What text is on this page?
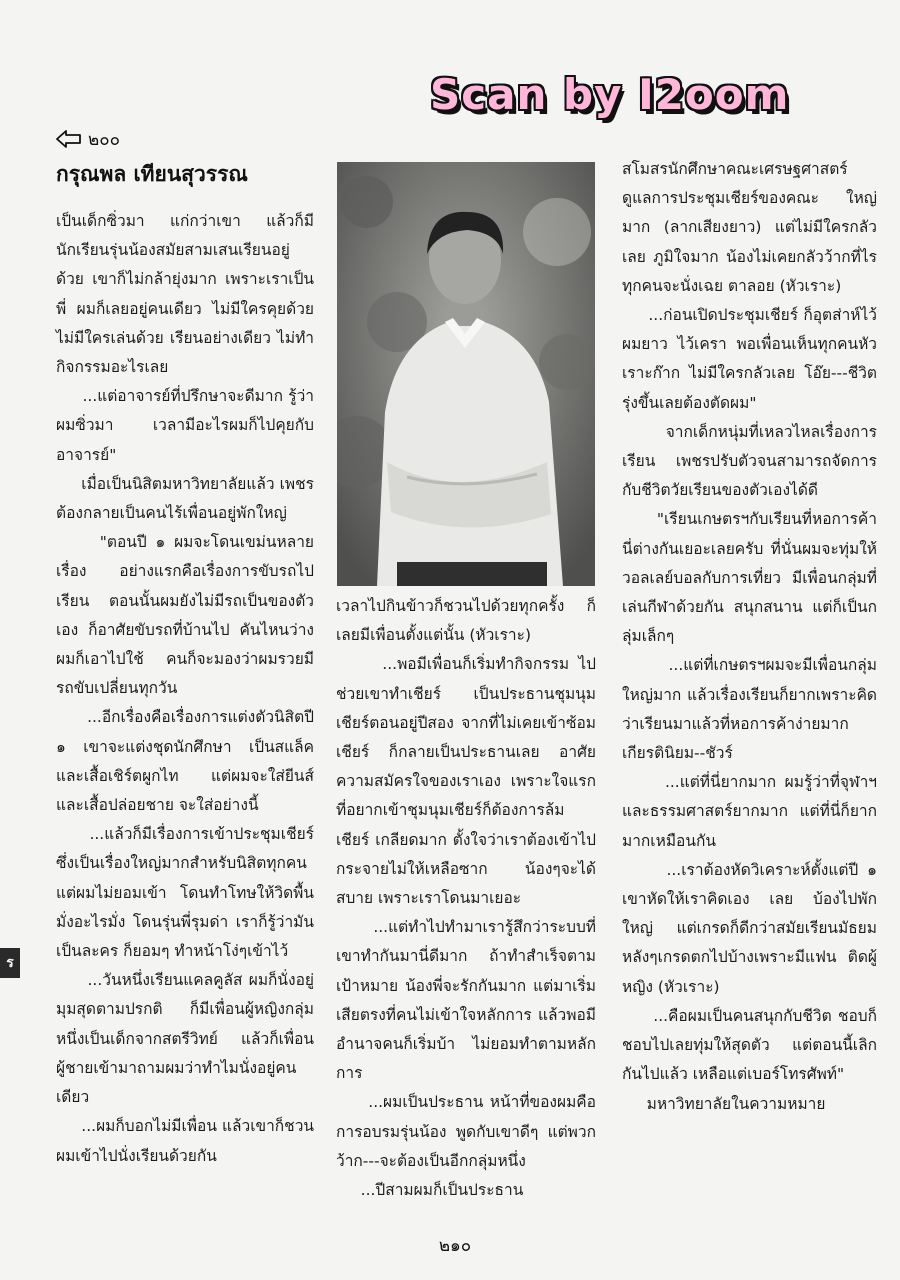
Scan by I2oom
๒๐๐
กรุณพล เทียนสุวรรณ

เป็นเด็กซิ่วมา แก่กว่าเขา แล้วก็มีนักเรียนรุ่นน้องสมัยสามเสนเรียนอยู่ด้วย เขาก็ไม่กล้ายุ่งมาก เพราะเราเป็นพี่ ผมก็เลยอยู่คนเดียว ไม่มีใครคุยด้วย ไม่มีใครเล่นด้วย เรียนอย่างเดียว ไม่ทำกิจกรรมอะไรเลย

...แต่อาจารย์ที่ปรึกษาจะดีมาก รู้ว่าผมซิ่วมา เวลามีอะไรผมก็ไปคุยกับอาจารย์"

เมื่อเป็นนิสิตมหาวิทยาลัยแล้ว เพชรต้องกลายเป็นคนไร้เพื่อนอยู่พักใหญ่

"ตอนปี ๑ ผมจะโดนเขม่นหลายเรื่อง อย่างแรกคือเรื่องการขับรถไปเรียน ตอนนั้นผมยังไม่มีรถเป็นของตัวเอง ก็อาศัยขับรถที่บ้านไป คันไหนว่างผมก็เอาไปใช้ คนก็จะมองว่าผมรวยมีรถขับเปลี่ยนทุกวัน

...อีกเรื่องคือเรื่องการแต่งตัวนิสิตปี ๑ เขาจะแต่งชุดนักศึกษา เป็นสแล็คและเสื้อเชิร์ตผูกไท แต่ผมจะใส่ยีนส์และเสื้อปล่อยชาย จะใส่อย่างนี้

...แล้วก็มีเรื่องการเข้าประชุมเชียร์ ซึ่งเป็นเรื่องใหญ่มากสำหรับนิสิตทุกคน แต่ผมไม่ยอมเข้า โดนทำโทษให้วิดพื้นมั่งอะไรมั่ง โดนรุ่นพี่รุมด่า เราก็รู้ว่ามันเป็นละคร ก็ยอมๆ ทำหน้าโง่ๆเข้าไว้

...วันหนึ่งเรียนแคลคูลัส ผมก็นั่งอยู่มุมสุดตามปรกติ ก็มีเพื่อนผู้หญิงกลุ่มหนึ่งเป็นเด็กจากสตรีวิทย์ แล้วก็เพื่อนผู้ชายเข้ามาถามผมว่าทำไมนั่งอยู่คนเดียว

...ผมก็บอกไม่มีเพื่อน แล้วเขาก็ชวนผมเข้าไปนั่งเรียนด้วยกัน

เวลาไปกินข้าวก็ชวนไปด้วยทุกครั้ง ก็เลยมีเพื่อนตั้งแต่นั้น (หัวเราะ)

...พอมีเพื่อนก็เริ่มทำกิจกรรม ไปช่วยเขาทำเชียร์ เป็นประธานชุมนุมเชียร์ตอนอยู่ปีสอง จากที่ไม่เคยเข้าซ้อมเชียร์ ก็กลายเป็นประธานเลย อาศัยความสมัครใจของเราเอง เพราะใจแรกที่อยากเข้าชุมนุมเชียร์ก็ต้องการล้มเชียร์ เกลียดมาก ตั้งใจว่าเราต้องเข้าไปกระจายไม่ให้เหลือซาก น้องๆจะได้สบาย เพราะเราโดนมาเยอะ

...แต่ทำไปทำมาเรารู้สึกว่าระบบที่เขาทำกันมานี่ดีมาก ถ้าทำสำเร็จตามเป้าหมาย น้องพี่จะรักกันมาก แต่มาเริ่มเสียตรงที่คนไม่เข้าใจหลักการ แล้วพอมีอำนาจคนก็เริ่มบ้า ไม่ยอมทำตามหลักการ

...ผมเป็นประธาน หน้าที่ของผมคือการอบรมรุ่นน้อง พูดกับเขาดีๆ แต่พวกว้าก---จะต้องเป็นอีกกลุ่มหนึ่ง

...ปีสามผมก็เป็นประธาน

สโมสรนักศึกษาคณะเศรษฐศาสตร์ ดูแลการประชุมเชียร์ของคณะ ใหญ่มาก (ลากเสียงยาว) แต่ไม่มีใครกลัวเลย ภูมิใจมาก น้องไม่เคยกลัวว้ากที่ไรทุกคนจะนั่งเฉย ตาลอย (หัวเราะ)

...ก่อนเปิดประชุมเชียร์ ก็อุตส่าห์ไว้ผมยาว ไว้เครา พอเพื่อนเห็นทุกคนหัวเราะก๊าก ไม่มีใครกลัวเลย โอ๊ย---ชีวิต รุ่งขึ้นเลยต้องตัดผม"

จากเด็กหนุ่มที่เหลวไหลเรื่องการเรียน เพชรปรับตัวจนสามารถจัดการกับชีวิตวัยเรียนของตัวเองได้ดี

"เรียนเกษตรฯกับเรียนที่หอการค้านี่ต่างกันเยอะเลยครับ ที่นั่นผมจะทุ่มให้วอลเลย์บอลกับการเที่ยว มีเพื่อนกลุ่มที่เล่นกีฬาด้วยกัน สนุกสนาน แต่ก็เป็นกลุ่มเล็กๆ

...แต่ที่เกษตรฯผมจะมีเพื่อนกลุ่มใหญ่มาก แล้วเรื่องเรียนก็ยากเพราะคิดว่าเรียนมาแล้วที่หอการค้าง่ายมาก เกียรตินิยม--ชัวร์

...แต่ที่นี่ยากมาก ผมรู้ว่าที่จุฬาฯและธรรมศาสตร์ยากมาก แต่ที่นี่ก็ยากมากเหมือนกัน

...เราต้องหัดวิเคราะห์ตั้งแต่ปี ๑ เขาหัดให้เราคิดเอง เลย บ้องไปพักใหญ่ แต่เกรดก็ดีกว่าสมัยเรียนมัธยม หลังๆเกรดตกไปบ้างเพราะมีแฟน ติดผู้หญิง (หัวเราะ)

...คือผมเป็นคนสนุกกับชีวิต ชอบก็ชอบไปเลยทุ่มให้สุดตัว แต่ตอนนี้เลิกกันไปแล้ว เหลือแต่เบอร์โทรศัพท์"

มหาวิทยาลัยในความหมาย

ร
๒๑๐
